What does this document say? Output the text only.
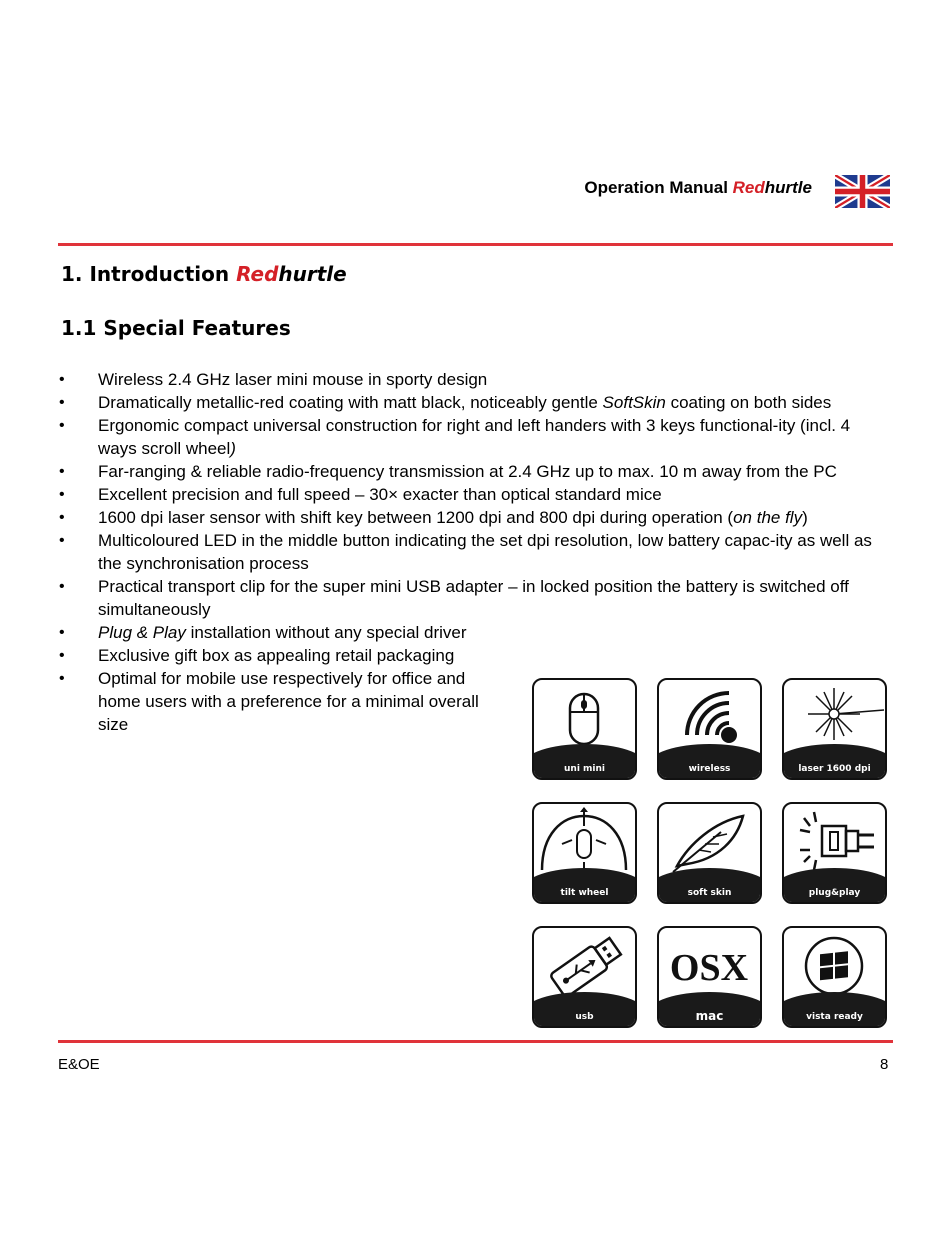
Operation Manual Redhurtle
1. Introduction Redhurtle
1.1 Special Features
• Wireless 2.4 GHz laser mini mouse in sporty design
• Dramatically metallic-red coating with matt black, noticeably gentle SoftSkin coating on both sides
• Ergonomic compact universal construction for right and left handers with 3 keys functional-ity (incl. 4 ways scroll wheel)
• Far-ranging & reliable radio-frequency transmission at 2.4 GHz up to max. 10 m away from the PC
• Excellent precision and full speed – 30× exacter than optical standard mice
• 1600 dpi laser sensor with shift key between 1200 dpi and 800 dpi during operation (on the fly)
• Multicoloured LED in the middle button indicating the set dpi resolution, low battery capac-ity as well as the synchronisation process
• Practical transport clip for the super mini USB adapter – in locked position the battery is switched off simultaneously
• Plug & Play installation without any special driver
• Exclusive gift box as appealing retail packaging
• Optimal for mobile use respectively for office and home users with a preference for a minimal overall size
uni mini	wireless	laser 1600 dpi
tilt wheel	soft skin	plug&play
usb
OSX
mac	vista ready
E&OE	8
